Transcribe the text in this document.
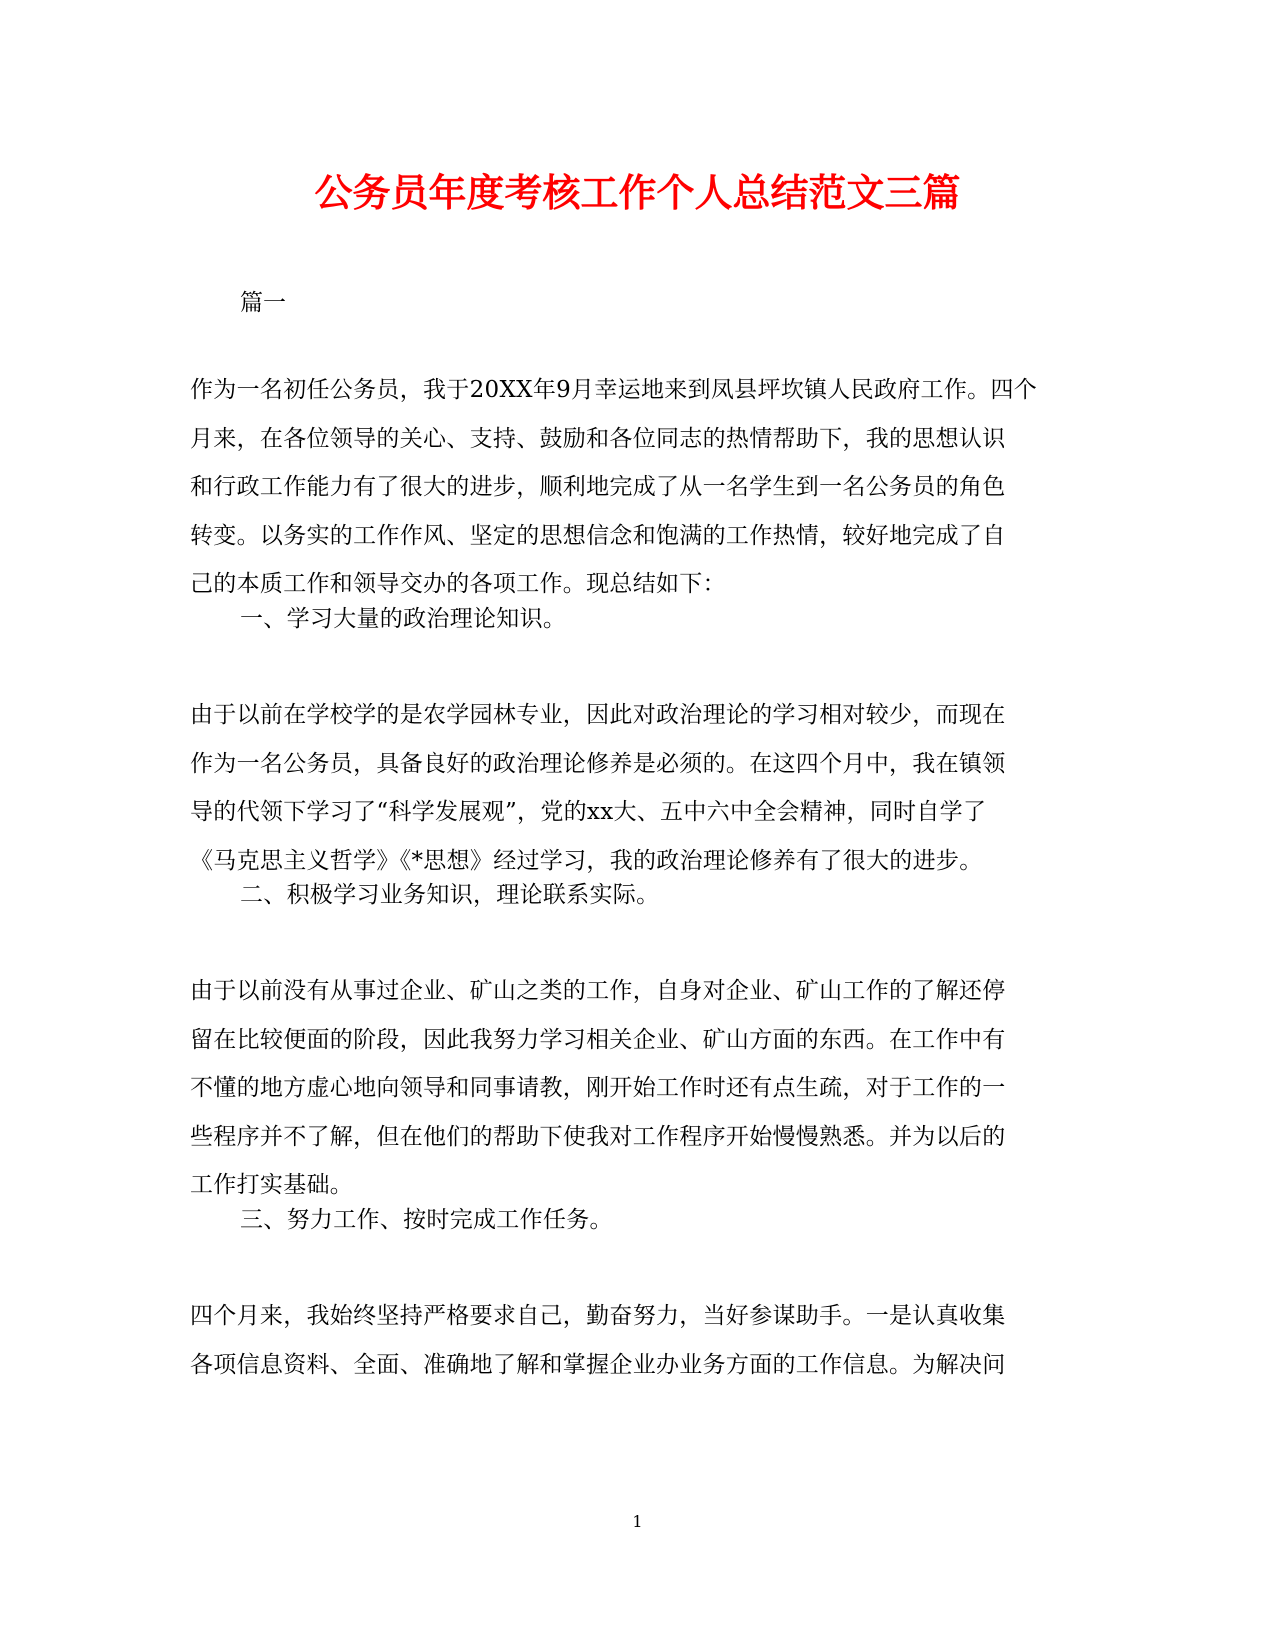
公务员年度考核工作个人总结范文三篇
篇一
作为一名初任公务员，我于20XX年9月幸运地来到凤县坪坎镇人民政府工作。四个
月来，在各位领导的关心、支持、鼓励和各位同志的热情帮助下，我的思想认识
和行政工作能力有了很大的进步，顺利地完成了从一名学生到一名公务员的角色
转变。以务实的工作作风、坚定的思想信念和饱满的工作热情，较好地完成了自
己的本质工作和领导交办的各项工作。现总结如下：
一、学习大量的政治理论知识。
由于以前在学校学的是农学园林专业，因此对政治理论的学习相对较少，而现在
作为一名公务员，具备良好的政治理论修养是必须的。在这四个月中，我在镇领
导的代领下学习了“科学发展观”，党的xx大、五中六中全会精神，同时自学了
《马克思主义哲学》《*思想》经过学习，我的政治理论修养有了很大的进步。
二、积极学习业务知识，理论联系实际。
由于以前没有从事过企业、矿山之类的工作，自身对企业、矿山工作的了解还停
留在比较便面的阶段，因此我努力学习相关企业、矿山方面的东西。在工作中有
不懂的地方虚心地向领导和同事请教，刚开始工作时还有点生疏，对于工作的一
些程序并不了解，但在他们的帮助下使我对工作程序开始慢慢熟悉。并为以后的
工作打实基础。
三、努力工作、按时完成工作任务。
四个月来，我始终坚持严格要求自己，勤奋努力，当好参谋助手。一是认真收集
各项信息资料、全面、准确地了解和掌握企业办业务方面的工作信息。为解决问
1
